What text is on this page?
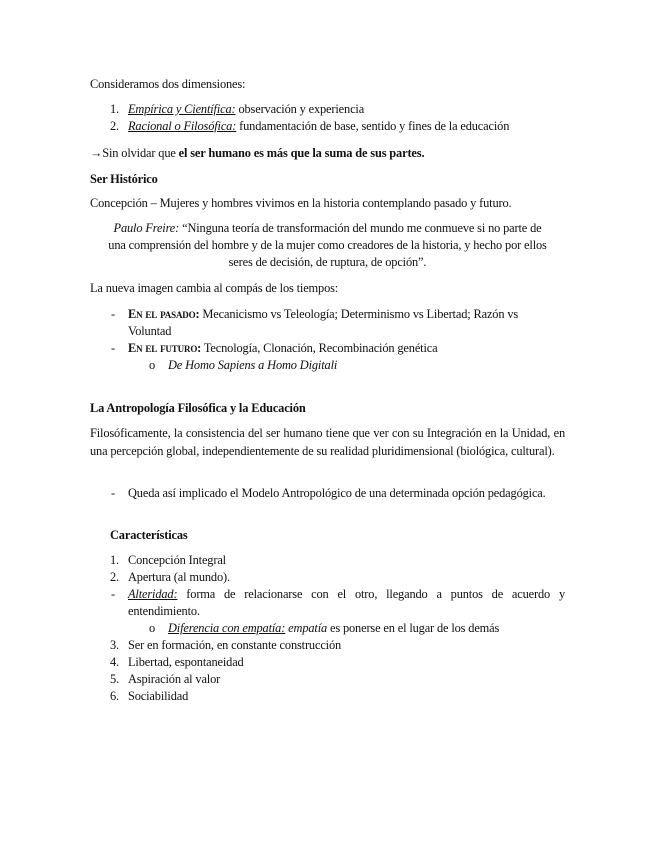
Consideramos dos dimensiones:
1. Empírica y Científica: observación y experiencia
2. Racional o Filosófica: fundamentación de base, sentido y fines de la educación
→Sin olvidar que el ser humano es más que la suma de sus partes.
Ser Histórico
Concepción – Mujeres y hombres vivimos en la historia contemplando pasado y futuro.
Paulo Freire: “Ninguna teoría de transformación del mundo me conmueve si no parte de
una comprensión del hombre y de la mujer como creadores de la historia, y hecho por ellos
seres de decisión, de ruptura, de opción”.
La nueva imagen cambia al compás de los tiempos:
- En el pasado: Mecanicismo vs Teleología; Determinismo vs Libertad; Razón vs
Voluntad
- En el futuro: Tecnología, Clonación, Recombinación genética
o De Homo Sapiens a Homo Digitali
La Antropología Filosófica y la Educación
Filosóficamente, la consistencia del ser humano tiene que ver con su Integración en la Unidad, en una percepción global, independientemente de su realidad pluridimensional (biológica, cultural).
- Queda así implicado el Modelo Antropológico de una determinada opción pedagógica.
Características
1. Concepción Integral
2. Apertura (al mundo).
- Alteridad: forma de relacionarse con el otro, llegando a puntos de acuerdo y entendimiento.
o Diferencia con empatía: empatía es ponerse en el lugar de los demás
3. Ser en formación, en constante construcción
4. Libertad, espontaneidad
5. Aspiración al valor
6. Sociabilidad
